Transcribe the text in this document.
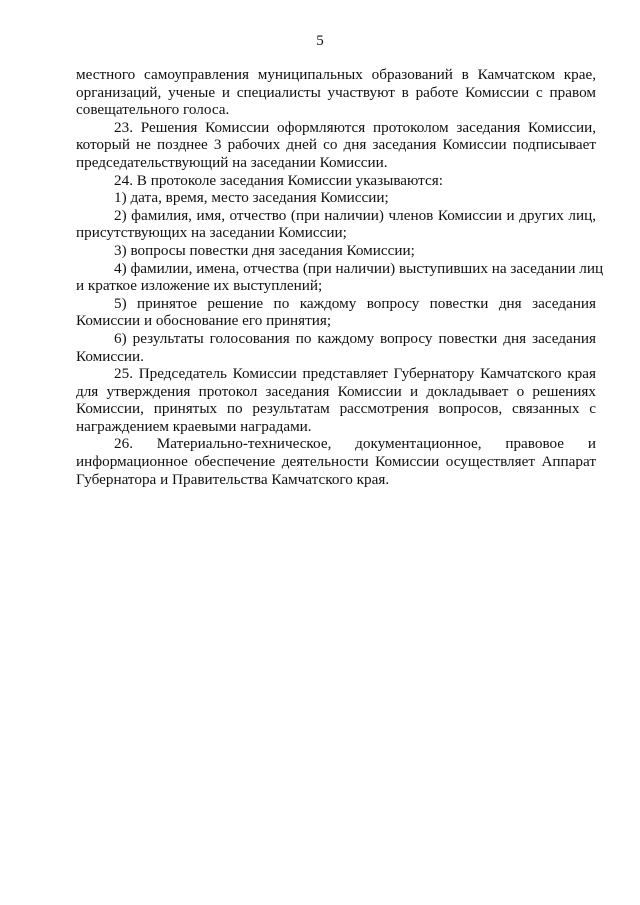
5
местного самоуправления муниципальных образований в Камчатском крае,
организаций, ученые и специалисты участвуют в работе Комиссии с правом
совещательного голоса.
23. Решения Комиссии оформляются протоколом заседания Комиссии,
который не позднее 3 рабочих дней со дня заседания Комиссии подписывает
председательствующий на заседании Комиссии.
24. В протоколе заседания Комиссии указываются:
1) дата, время, место заседания Комиссии;
2) фамилия, имя, отчество (при наличии) членов Комиссии и других лиц,
присутствующих на заседании Комиссии;
3) вопросы повестки дня заседания Комиссии;
4) фамилии, имена, отчества (при наличии) выступивших на заседании лиц
и краткое изложение их выступлений;
5) принятое решение по каждому вопросу повестки дня заседания
Комиссии и обоснование его принятия;
6) результаты голосования по каждому вопросу повестки дня заседания
Комиссии.
25. Председатель Комиссии представляет Губернатору Камчатского края
для утверждения протокол заседания Комиссии и докладывает о решениях
Комиссии, принятых по результатам рассмотрения вопросов, связанных с
награждением краевыми наградами.
26. Материально-техническое, документационное, правовое и
информационное обеспечение деятельности Комиссии осуществляет Аппарат
Губернатора и Правительства Камчатского края.
